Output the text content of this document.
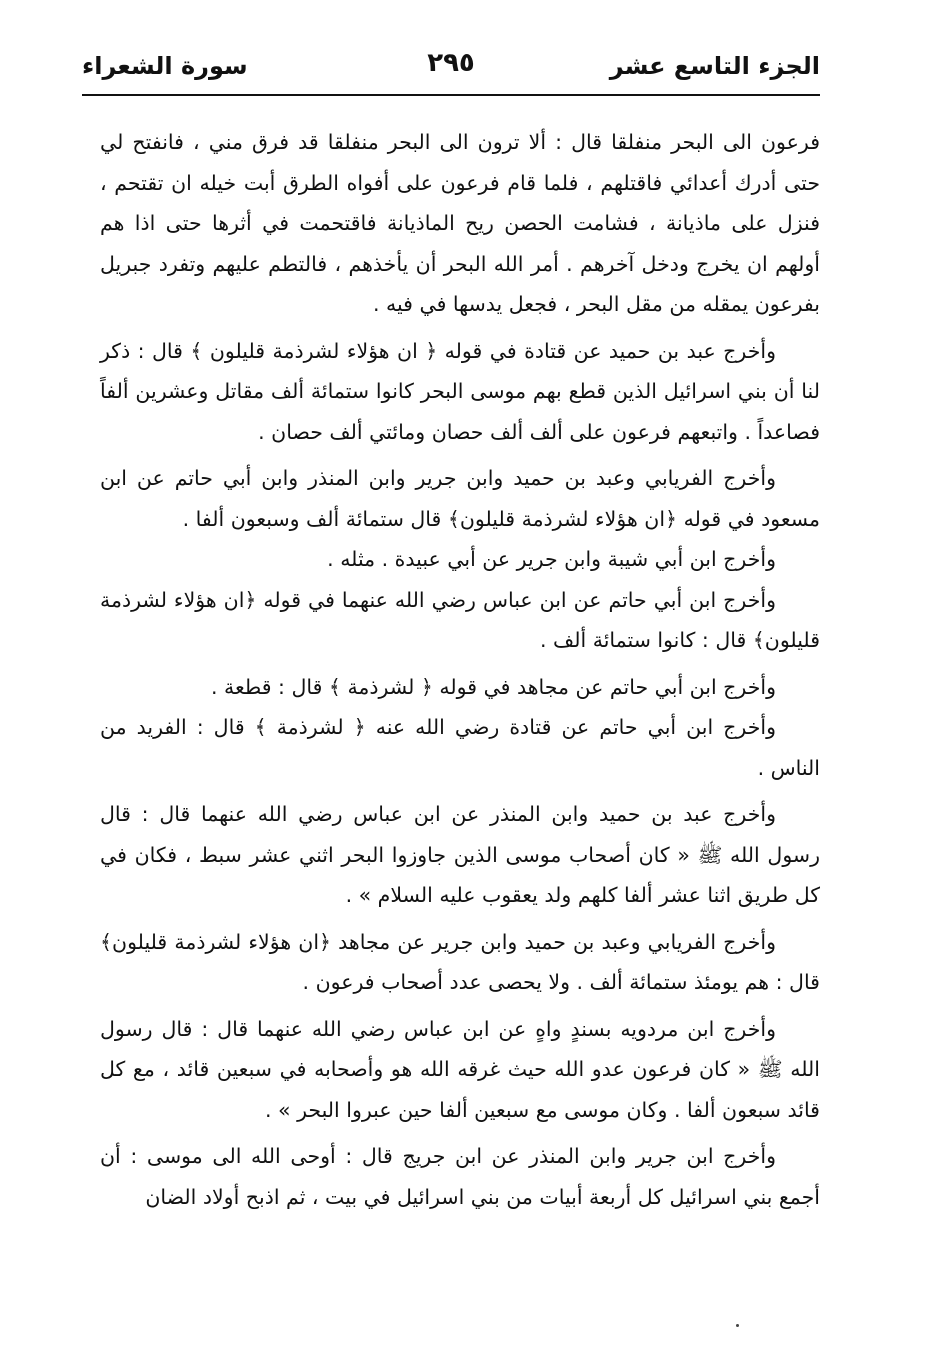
الجزء التاسع عشر
٢٩٥
سورة الشعراء

فرعون الى البحر منفلقا قال : ألا ترون الى البحر منفلقا قد فرق مني ، فانفتح لي حتى أدرك أعدائي فاقتلهم ، فلما قام فرعون على أفواه الطرق أبت خيله ان تقتحم ، فنزل على ماذيانة ، فشامت الحصن ريح الماذيانة فاقتحمت في أثرها حتى اذا هم أولهم ان يخرج ودخل آخرهم . أمر الله البحر أن يأخذهم ، فالتطم عليهم وتفرد جبريل بفرعون يمقله من مقل البحر ، فجعل يدسها في فيه .

وأخرج عبد بن حميد عن قتادة في قوله ﴿ ان هؤلاء لشرذمة قليلون ﴾ قال : ذكر لنا أن بني اسرائيل الذين قطع بهم موسى البحر كانوا ستمائة ألف مقاتل وعشرين ألفاً فصاعداً . واتبعهم فرعون على ألف ألف حصان ومائتي ألف حصان .

وأخرج الفريابي وعبد بن حميد وابن جرير وابن المنذر وابن أبي حاتم عن ابن مسعود في قوله ﴿ان هؤلاء لشرذمة قليلون﴾ قال ستمائة ألف وسبعون ألفا .

وأخرج ابن أبي شيبة وابن جرير عن أبي عبيدة . مثله .

وأخرج ابن أبي حاتم عن ابن عباس رضي الله عنهما في قوله ﴿ان هؤلاء لشرذمة قليلون﴾ قال : كانوا ستمائة ألف .

وأخرج ابن أبي حاتم عن مجاهد في قوله ﴿ لشرذمة ﴾ قال : قطعة .

وأخرج ابن أبي حاتم عن قتادة رضي الله عنه ﴿ لشرذمة ﴾ قال : الفريد من الناس .

وأخرج عبد بن حميد وابن المنذر عن ابن عباس رضي الله عنهما قال : قال رسول الله ﷺ « كان أصحاب موسى الذين جاوزوا البحر اثني عشر سبط ، فكان في كل طريق اثنا عشر ألفا كلهم ولد يعقوب عليه السلام » .

وأخرج الفريابي وعبد بن حميد وابن جرير عن مجاهد ﴿ان هؤلاء لشرذمة قليلون﴾ قال : هم يومئذ ستمائة ألف . ولا يحصى عدد أصحاب فرعون .

وأخرج ابن مردويه بسندٍ واهٍ عن ابن عباس رضي الله عنهما قال : قال رسول الله ﷺ « كان فرعون عدو الله حيث غرقه الله هو وأصحابه في سبعين قائد ، مع كل قائد سبعون ألفا . وكان موسى مع سبعين ألفا حين عبروا البحر » .

وأخرج ابن جرير وابن المنذر عن ابن جريج قال : أوحى الله الى موسى : أن أجمع بني اسرائيل كل أربعة أبيات من بني اسرائيل في بيت ، ثم اذبح أولاد الضان
